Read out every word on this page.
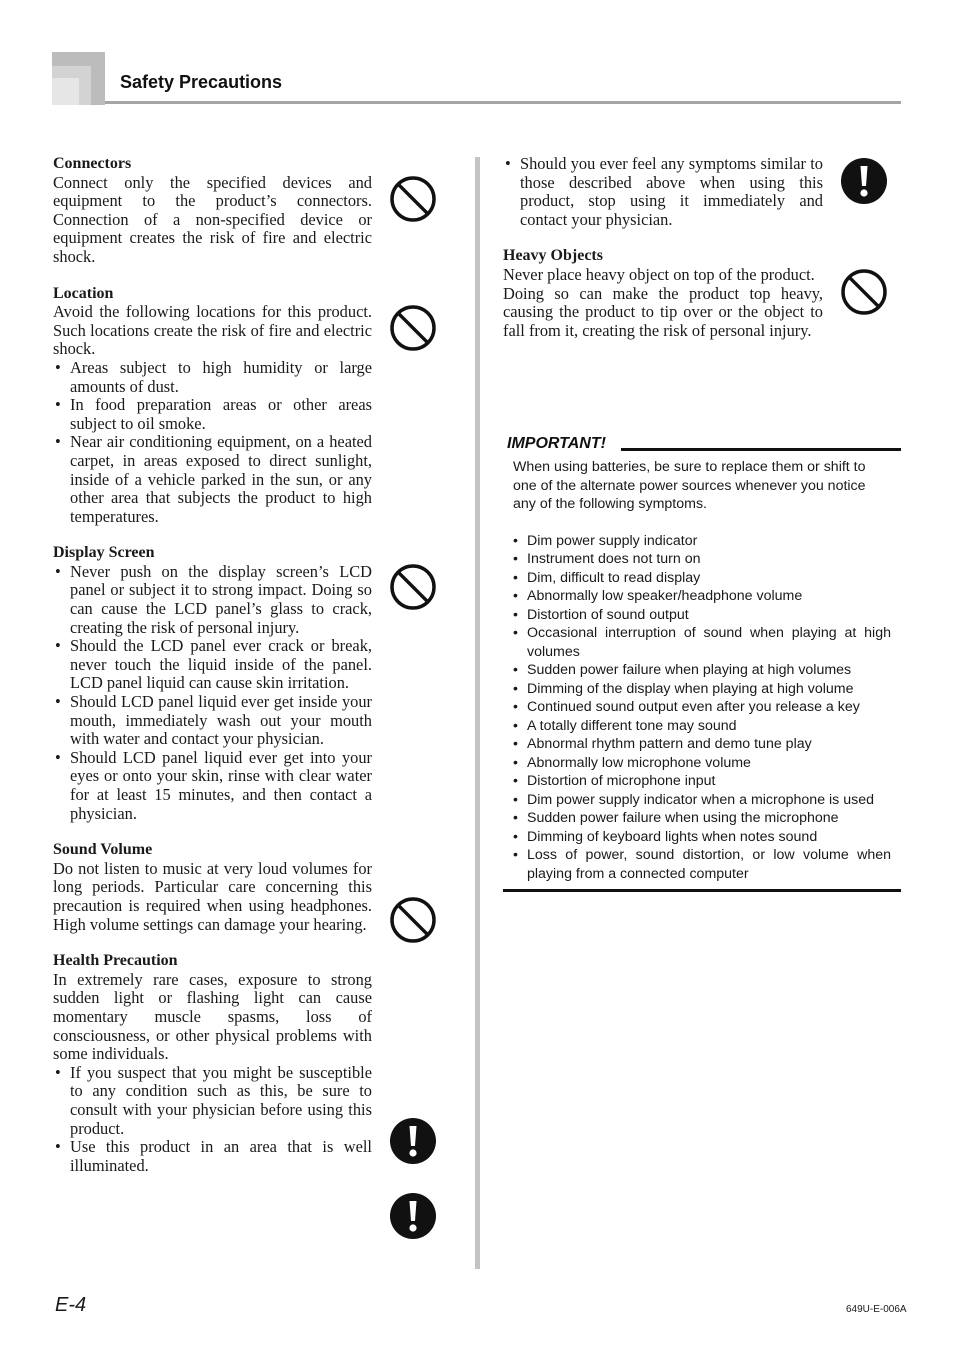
Safety Precautions
Connectors
Connect only the specified devices and equipment to the product’s connectors. Connection of a non-specified device or equipment creates the risk of fire and electric shock.
Location
Avoid the following locations for this product. Such locations create the risk of fire and electric shock.
• Areas subject to high humidity or large amounts of dust.
• In food preparation areas or other areas subject to oil smoke.
• Near air conditioning equipment, on a heated carpet, in areas exposed to direct sunlight, inside of a vehicle parked in the sun, or any other area that subjects the product to high temperatures.
Display Screen
• Never push on the display screen’s LCD panel or subject it to strong impact. Doing so can cause the LCD panel’s glass to crack, creating the risk of personal injury.
• Should the LCD panel ever crack or break, never touch the liquid inside of the panel. LCD panel liquid can cause skin irritation.
• Should LCD panel liquid ever get inside your mouth, immediately wash out your mouth with water and contact your physician.
• Should LCD panel liquid ever get into your eyes or onto your skin, rinse with clear water for at least 15 minutes, and then contact a physician.
Sound Volume
Do not listen to music at very loud volumes for long periods. Particular care concerning this precaution is required when using headphones. High volume settings can damage your hearing.
Health Precaution
In extremely rare cases, exposure to strong sudden light or flashing light can cause momentary muscle spasms, loss of consciousness, or other physical problems with some individuals.
• If you suspect that you might be susceptible to any condition such as this, be sure to consult with your physician before using this product.
• Use this product in an area that is well illuminated.
• Should you ever feel any symptoms similar to those described above when using this product, stop using it immediately and contact your physician.
Heavy Objects
Never place heavy object on top of the product.
Doing so can make the product top heavy, causing the product to tip over or the object to fall from it, creating the risk of personal injury.
IMPORTANT!

When using batteries, be sure to replace them or shift to one of the alternate power sources whenever you notice any of the following symptoms.

• Dim power supply indicator
• Instrument does not turn on
• Dim, difficult to read display
• Abnormally low speaker/headphone volume
• Distortion of sound output
• Occasional interruption of sound when playing at high volumes
• Sudden power failure when playing at high volumes
• Dimming of the display when playing at high volume
• Continued sound output even after you release a key
• A totally different tone may sound
• Abnormal rhythm pattern and demo tune play
• Abnormally low microphone volume
• Distortion of microphone input
• Dim power supply indicator when a microphone is used
• Sudden power failure when using the microphone
• Dimming of keyboard lights when notes sound
• Loss of power, sound distortion, or low volume when playing from a connected computer
E-4	649U-E-006A
